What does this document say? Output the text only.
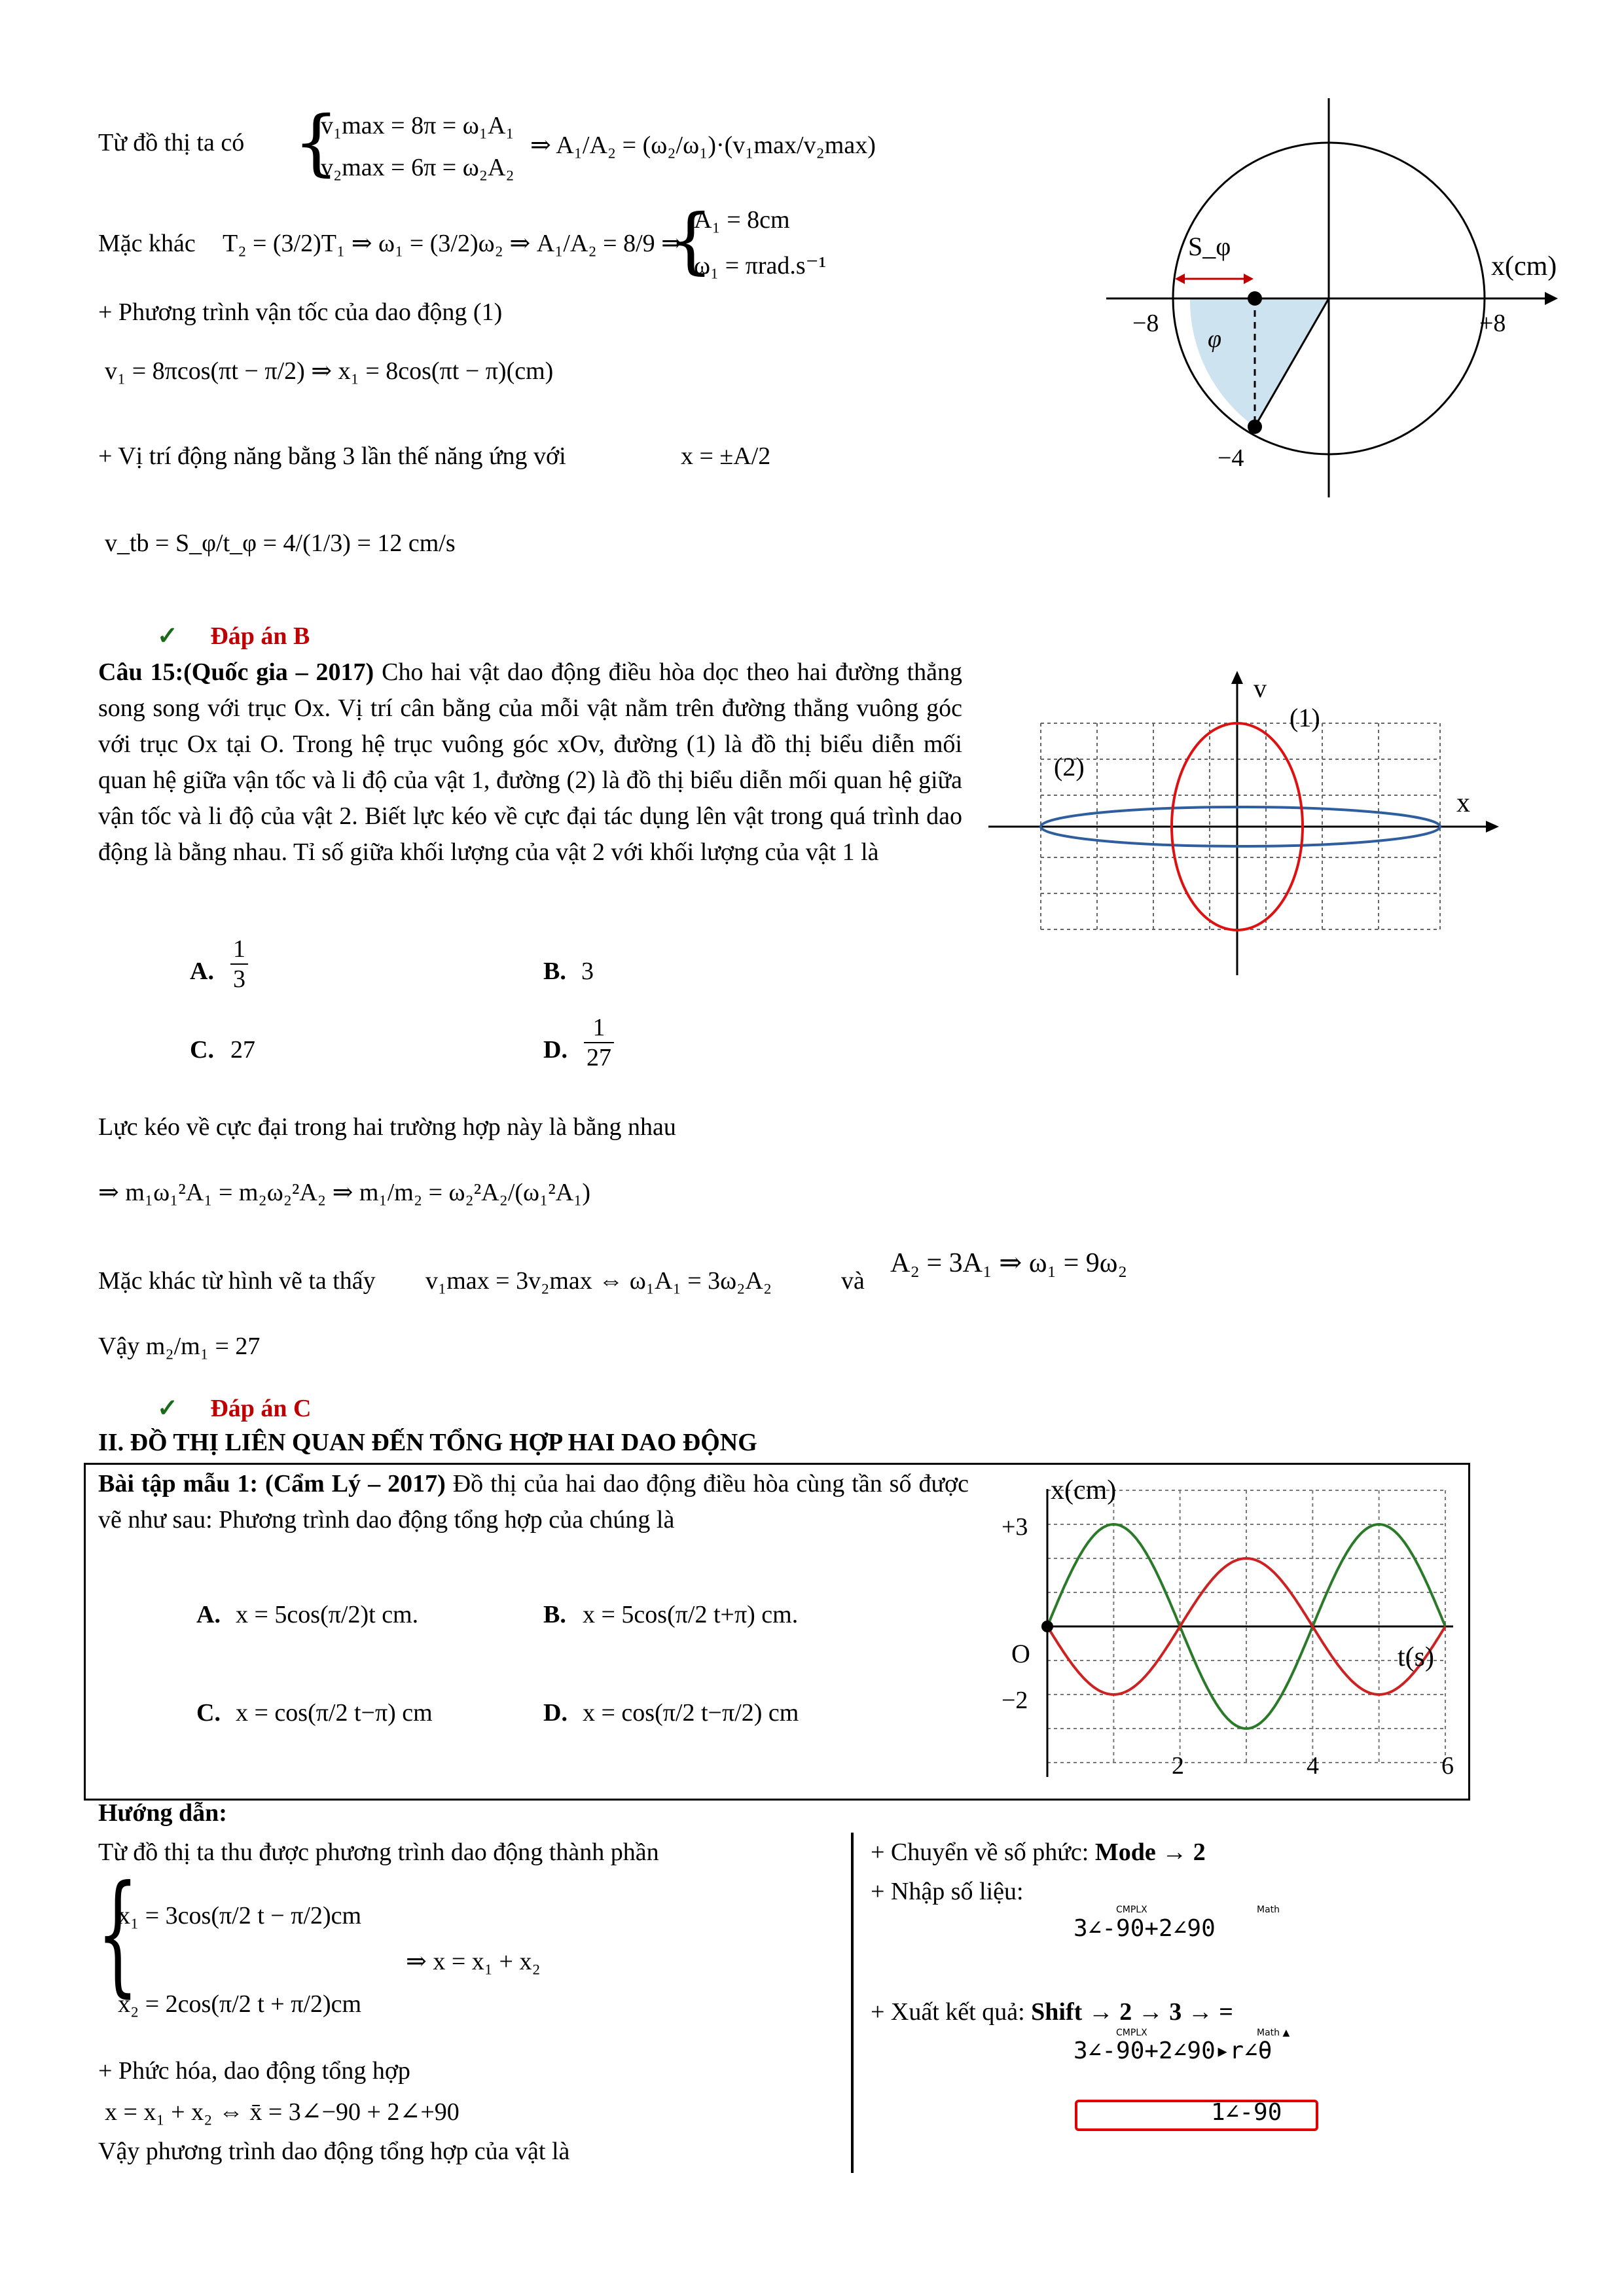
Từ đồ thị ta có {
v₁max = 8π = ω₁A₁
v₂max = 6π = ω₂A₂
⇒ A₁/A₂ = (ω₂/ω₁)·(v₁max/v₂max)
Mặc khác T₂ = (3/2)T₁ ⇒ ω₁ = (3/2)ω₂ ⇒ A₁/A₂ = 8/9 ⇒
{
A₁ = 8cm
ω₁ = πrad.s⁻¹
+ Phương trình vận tốc của dao động (1)
v₁ = 8πcos(πt − π/2) ⇒ x₁ = 8cos(πt − π)(cm)
+ Vị trí động năng bằng 3 lần thế năng ứng với	x = ±A/2
v_tb = S_φ/t_φ = 4/(1/3) = 12 cm/s
✓ Đáp án B
S_φ
φ
x(cm)
−8	+8
−4
Câu 15:(Quốc gia – 2017) Cho hai vật dao động điều hòa dọc theo hai đường thẳng song song với trục Ox. Vị trí cân bằng của mỗi vật nằm trên đường thẳng vuông góc với trục Ox tại O. Trong hệ trục vuông góc xOv, đường (1) là đồ thị biểu diễn mối quan hệ giữa vận tốc và li độ của vật 1, đường (2) là đồ thị biểu diễn mối quan hệ giữa vận tốc và li độ của vật 2. Biết lực kéo về cực đại tác dụng lên vật trong quá trình dao động là bằng nhau. Tỉ số giữa khối lượng của vật 2 với khối lượng của vật 1 là
A. $\frac{1}{3}$	B. 3
C. 27	D. $\frac{1}{27}$
Lực kéo về cực đại trong hai trường hợp này là bằng nhau
⇒ m₁ω₁²A₁ = m₂ω₂²A₂ ⇒ m₁/m₂ = ω₂²A₂/(ω₁²A₁)
Mặc khác từ hình vẽ ta thấy v₁max = 3v₂max ⇔ ω₁A₁ = 3ω₂A₂	và
A₂ = 3A₁ ⇒ ω₁ = 9ω₂
Vậy m₂/m₁ = 27
✓ Đáp án C
v
x
(1)
(2)
II. ĐỒ THỊ LIÊN QUAN ĐẾN TỔNG HỢP HAI DAO ĐỘNG
Bài tập mẫu 1: (Cẩm Lý – 2017) Đồ thị của hai dao động điều hòa cùng tần số được vẽ như sau: Phương trình dao động tổng hợp của chúng là
A. x = 5cos(π/2)t cm.	B. x = 5cos(π/2 t+π) cm.
C. x = cos(π/2 t−π) cm	D. x = cos(π/2 t−π/2) cm
x(cm)
t(s)
O
+3
−2
2	4	6
Hướng dẫn:
Từ đồ thị ta thu được phương trình dao động thành phần
{
x₁ = 3cos(π/2 t − π/2)cm
x₂ = 2cos(π/2 t + π/2)cm
⇒ x = x₁ + x₂
+ Phức hóa, dao động tổng hợp
x = x₁ + x₂ ⇔ x̄ = 3∠−90 + 2∠+90
Vậy phương trình dao động tổng hợp của vật là
+ Chuyển về số phức: Mode → 2
+ Nhập số liệu:
CMPLX	Math
3∠-90+2∠90
+ Xuất kết quả: Shift → 2 → 3 → =
CMPLX	Math ▲
3∠-90+2∠90▸r∠θ
1∠-90
